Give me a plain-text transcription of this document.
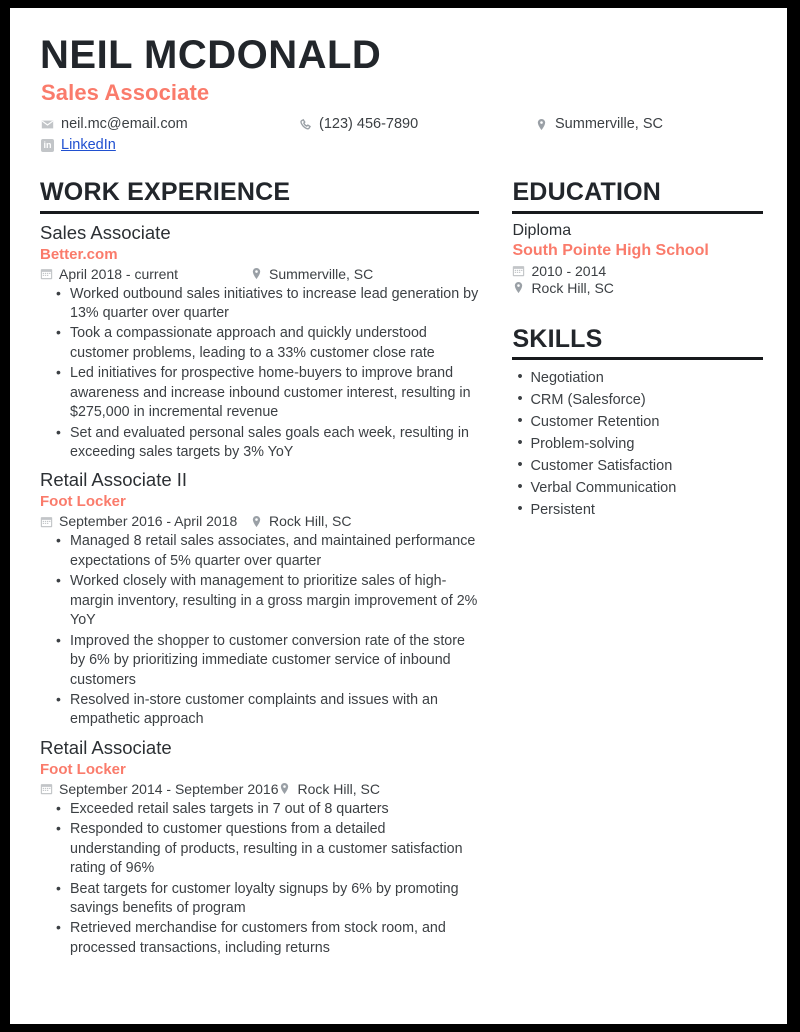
NEIL MCDONALD
Sales Associate
neil.mc@email.com	(123) 456-7890	Summerville, SC
in LinkedIn
WORK EXPERIENCE
Sales Associate
Better.com
April 2018 - current	Summerville, SC
• Worked outbound sales initiatives to increase lead generation by 13% quarter over quarter
• Took a compassionate approach and quickly understood customer problems, leading to a 33% customer close rate
• Led initiatives for prospective home-buyers to improve brand awareness and increase inbound customer interest, resulting in $275,000 in incremental revenue
• Set and evaluated personal sales goals each week, resulting in exceeding sales targets by 3% YoY
Retail Associate II
Foot Locker
September 2016 - April 2018 Rock Hill, SC
• Managed 8 retail sales associates, and maintained performance expectations of 5% quarter over quarter
• Worked closely with management to prioritize sales of high-margin inventory, resulting in a gross margin improvement of 2% YoY
• Improved the shopper to customer conversion rate of the store by 6% by prioritizing immediate customer service of inbound customers
• Resolved in-store customer complaints and issues with an empathetic approach
Retail Associate
Foot Locker
September 2014 - September 2016 Rock Hill, SC
• Exceeded retail sales targets in 7 out of 8 quarters
• Responded to customer questions from a detailed understanding of products, resulting in a customer satisfaction rating of 96%
• Beat targets for customer loyalty signups by 6% by promoting savings benefits of program
• Retrieved merchandise for customers from stock room, and processed transactions, including returns
EDUCATION
Diploma
South Pointe High School
2010 - 2014
Rock Hill, SC
SKILLS
• Negotiation
• CRM (Salesforce)
• Customer Retention
• Problem-solving
• Customer Satisfaction
• Verbal Communication
• Persistent
